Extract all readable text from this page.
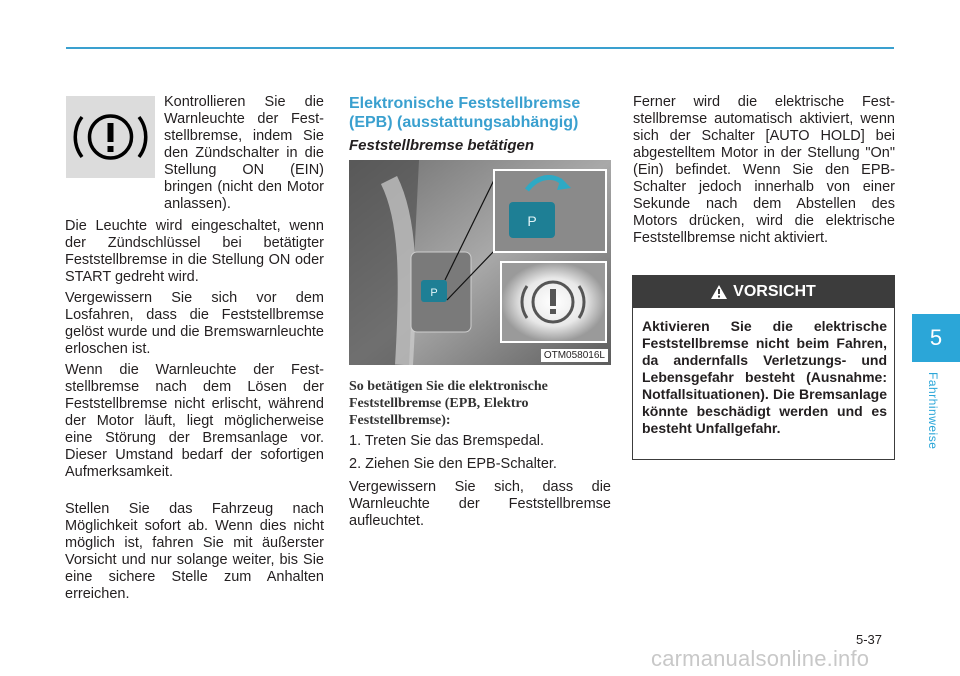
Kontrollieren Sie die Warnleuchte der Feststellbremse, indem Sie den Zündschalter in die Stellung ON (EIN) bringen (nicht den Motor anlassen).

Die Leuchte wird eingeschaltet, wenn der Zündschlüssel bei betätigter Feststellbremse in die Stellung ON oder START gedreht wird.

Vergewissern Sie sich vor dem Losfahren, dass die Feststellbremse gelöst wurde und die Bremswarnleuchte erloschen ist.

Wenn die Warnleuchte der Feststellbremse nach dem Lösen der Feststellbremse nicht erlischt, während der Motor läuft, liegt möglicherweise eine Störung der Bremsanlage vor. Dieser Umstand bedarf der sofortigen Aufmerksamkeit.

Stellen Sie das Fahrzeug nach Möglichkeit sofort ab. Wenn dies nicht möglich ist, fahren Sie mit äußerster Vorsicht und nur solange weiter, bis Sie eine sichere Stelle zum Anhalten erreichen.

Elektronische Feststellbremse (EPB) (ausstattungsabhängig)
Feststellbremse betätigen
P
P
OTM058016L

So betätigen Sie die elektronische Feststellbremse (EPB, Elektro Feststellbremse):

1. Treten Sie das Bremspedal.

2. Ziehen Sie den EPB-Schalter.

Vergewissern Sie sich, dass die Warnleuchte der Feststellbremse aufleuchtet.

Ferner wird die elektrische Feststellbremse automatisch aktiviert, wenn sich der Schalter [AUTO HOLD] bei abgestelltem Motor in der Stellung "On" (Ein) befindet. Wenn Sie den EPB-Schalter jedoch innerhalb von einer Sekunde nach dem Abstellen des Motors drücken, wird die elektrische Feststellbremse nicht aktiviert.

VORSICHT

Aktivieren Sie die elektrische Feststellbremse nicht beim Fahren, da andernfalls Verletzungs- und Lebensgefahr besteht (Ausnahme: Notfallsituationen). Die Bremsanlage könnte beschädigt werden und es besteht Unfallgefahr.

5
Fahrhinweise
5-37
carmanualsonline.info
